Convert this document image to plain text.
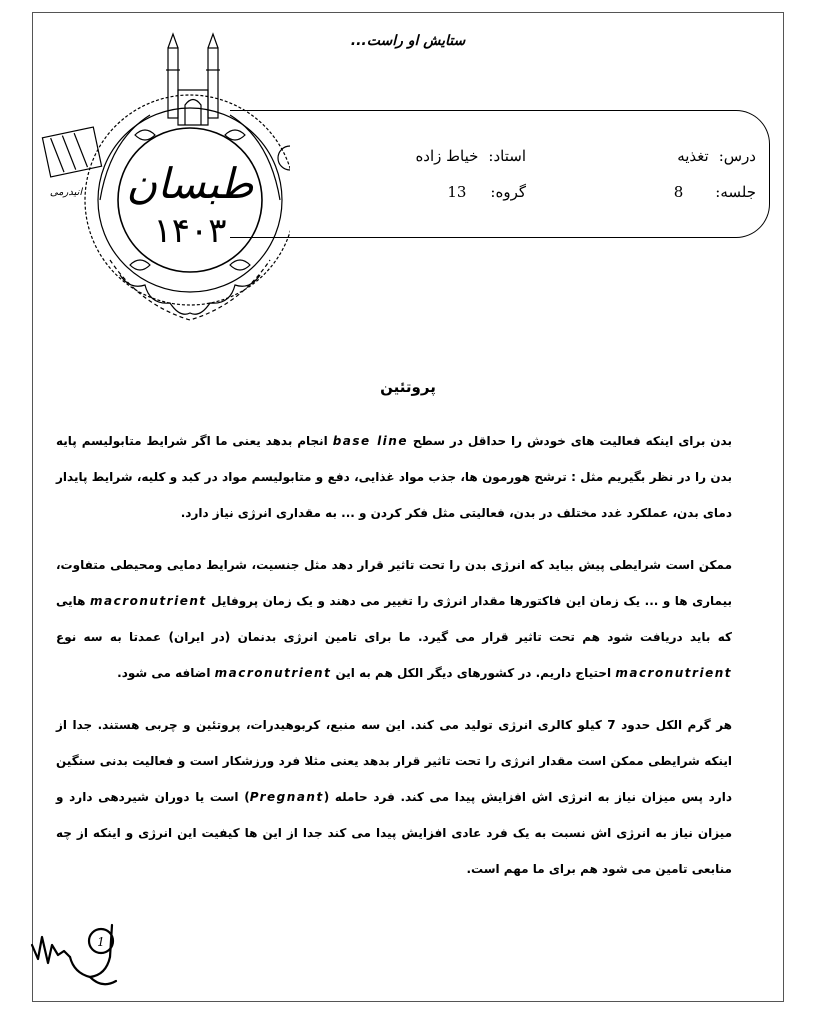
ستایش او راست...
طبسان
۱۴۰۳
انیدرمی
درس:تغذیه
استاد:خیاط زاده
جلسه:8
گروه:13
پروتئین

بدن برای اینکه فعالیت های خودش را حداقل در سطح base line انجام بدهد یعنی ما اگر شرایط متابولیسم پایه بدن را در نظر بگیریم مثل : ترشح هورمون ها، جذب مواد غذایی، دفع و متابولیسم مواد در کبد و کلیه، شرایط پایدار دمای بدن، عملکرد غدد مختلف در بدن، فعالیتی مثل فکر کردن و ... به مقداری انرژی نیاز دارد.

ممکن است شرایطی پیش بیاید که انرژی بدن را تحت تاثیر قرار دهد مثل جنسیت، شرایط دمایی ومحیطی متفاوت، بیماری ها و ... یک زمان این فاکتورها مقدار انرژی را تغییر می دهند و یک زمان پروفایل macronutrient هایی که باید دریافت شود هم تحت تاثیر قرار می گیرد. ما برای تامین انرژی بدنمان (در ایران) عمدتا به سه نوع macronutrient احتیاج داریم. در کشورهای دیگر الکل هم به این macronutrient اضافه می شود.

هر گرم الکل حدود 7 کیلو کالری انرژی تولید می کند. این سه منبع، کربوهیدرات، پروتئین و چربی هستند. جدا از اینکه شرایطی ممکن است مقدار انرژی را تحت تاثیر قرار بدهد یعنی مثلا فرد ورزشکار است و فعالیت بدنی سنگین دارد پس میزان نیاز به انرژی اش افزایش پیدا می کند. فرد حامله (Pregnant) است یا دوران شیردهی دارد و میزان نیاز به انرژی اش نسبت به یک فرد عادی افزایش پیدا می کند جدا از این ها کیفیت این انرژی و اینکه از چه منابعی تامین می شود هم برای ما مهم است.

1
